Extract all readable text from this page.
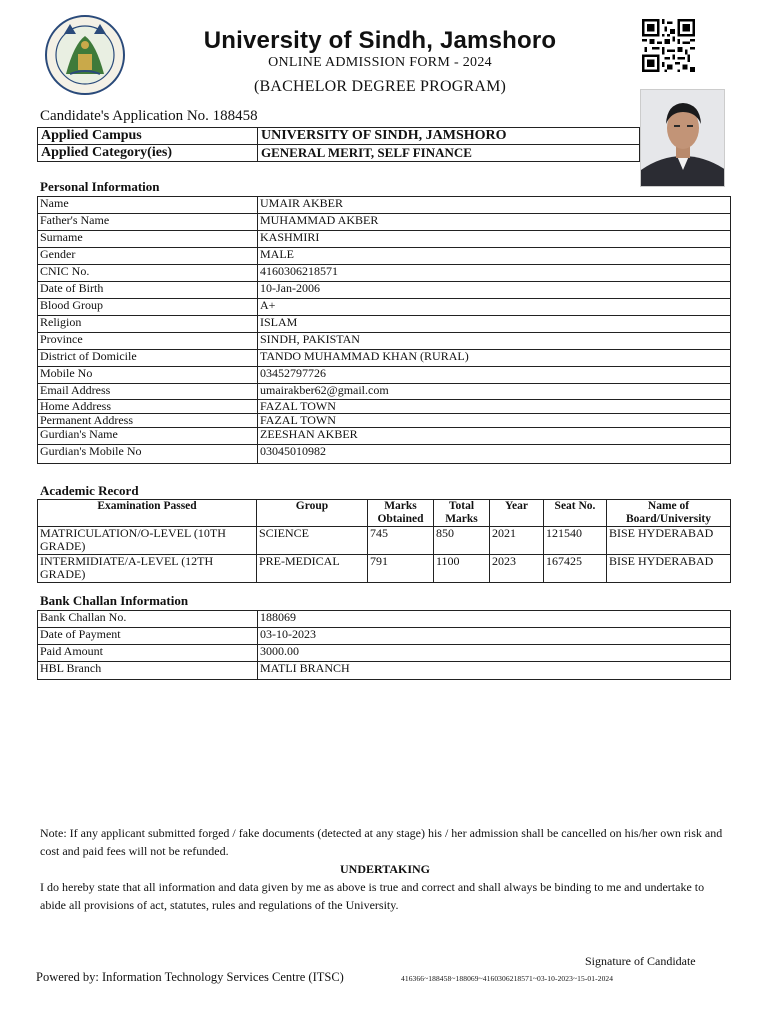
University of Sindh, Jamshoro
ONLINE ADMISSION FORM - 2024
(BACHELOR DEGREE PROGRAM)
Candidate's Application No. 188458
Applied Campus	UNIVERSITY OF SINDH, JAMSHORO
Applied Category(ies)	GENERAL MERIT, SELF FINANCE
Personal Information
Name	UMAIR AKBER
Father's Name	MUHAMMAD AKBER
Surname	KASHMIRI
Gender	MALE
CNIC No.	4160306218571
Date of Birth	10-Jan-2006
Blood Group	A+
Religion	ISLAM
Province	SINDH, PAKISTAN
District of Domicile	TANDO MUHAMMAD KHAN (RURAL)
Mobile No	03452797726
Email Address	umairakber62@gmail.com
Home Address	FAZAL TOWN
Permanent Address	FAZAL TOWN
Gurdian's Name	ZEESHAN AKBER
Gurdian's Mobile No	03045010982
Academic Record
Examination Passed	Group	Marks Obtained	Total Marks	Year	Seat No.	Name of Board/University
MATRICULATION/O-LEVEL (10TH GRADE)	SCIENCE	745	850	2021	121540	BISE HYDERABAD
INTERMIDIATE/A-LEVEL (12TH GRADE)	PRE-MEDICAL	791	1100	2023	167425	BISE HYDERABAD
Bank Challan Information
Bank Challan No.	188069
Date of Payment	03-10-2023
Paid Amount	3000.00
HBL Branch	MATLI BRANCH
Note: If any applicant submitted forged / fake documents (detected at any stage) his / her admission shall be cancelled on his/her own risk and cost and paid fees will not be refunded.
UNDERTAKING
I do hereby state that all information and data given by me as above is true and correct and shall always be binding to me and undertake to abide all provisions of act, statutes, rules and regulations of the University.
Signature of Candidate
Powered by: Information Technology Services Centre (ITSC)	416366~188458~188069~4160306218571~03-10-2023~15-01-2024
